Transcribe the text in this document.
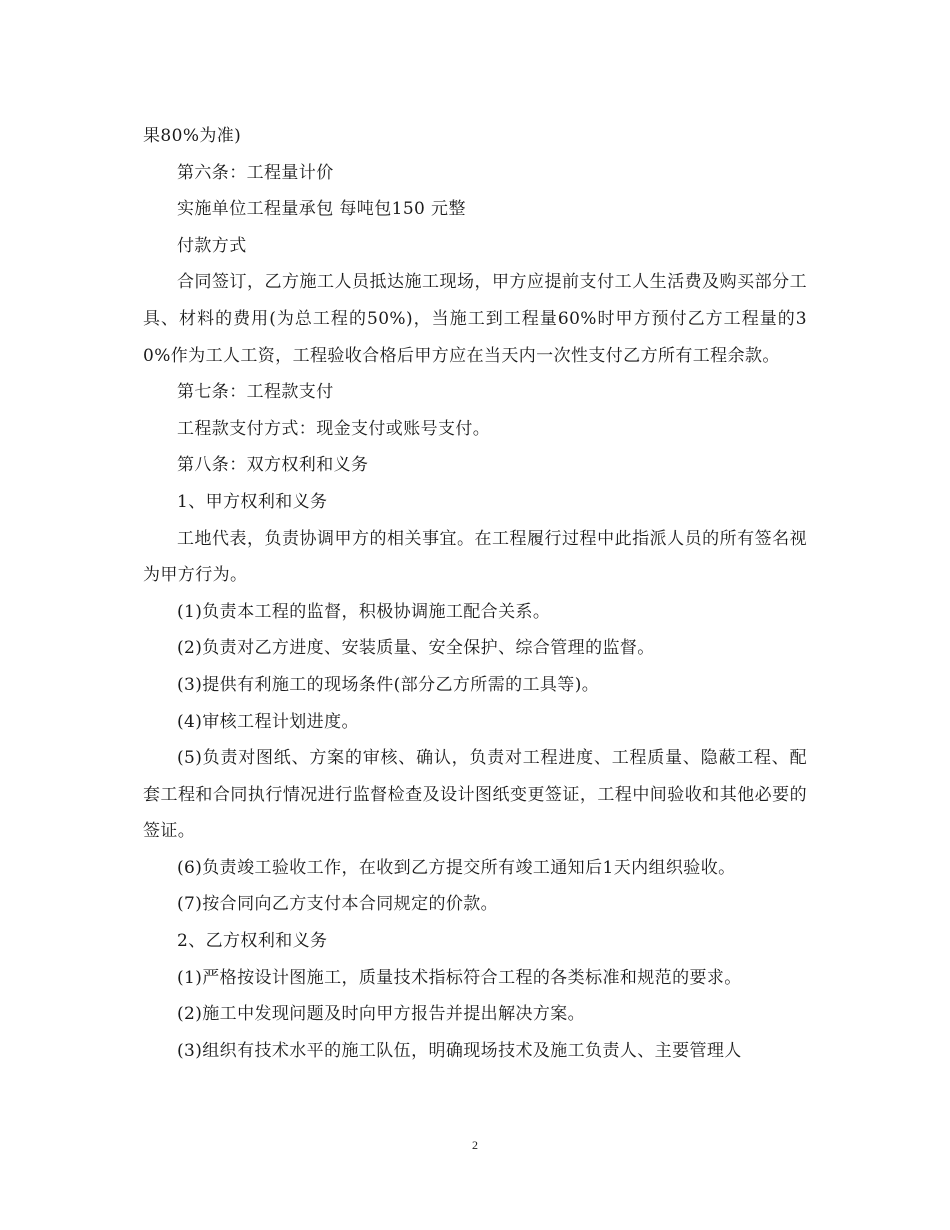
果80%为准)

第六条：工程量计价

实施单位工程量承包 每吨包150 元整

付款方式

合同签订，乙方施工人员抵达施工现场，甲方应提前支付工人生活费及购买部分工具、材料的费用(为总工程的50%)，当施工到工程量60%时甲方预付乙方工程量的30%作为工人工资，工程验收合格后甲方应在当天内一次性支付乙方所有工程余款。

第七条：工程款支付

工程款支付方式：现金支付或账号支付。

第八条：双方权利和义务

1、甲方权利和义务

工地代表，负责协调甲方的相关事宜。在工程履行过程中此指派人员的所有签名视为甲方行为。

(1)负责本工程的监督，积极协调施工配合关系。

(2)负责对乙方进度、安装质量、安全保护、综合管理的监督。

(3)提供有利施工的现场条件(部分乙方所需的工具等)。

(4)审核工程计划进度。

(5)负责对图纸、方案的审核、确认，负责对工程进度、工程质量、隐蔽工程、配套工程和合同执行情况进行监督检查及设计图纸变更签证，工程中间验收和其他必要的签证。

(6)负责竣工验收工作，在收到乙方提交所有竣工通知后1天内组织验收。

(7)按合同向乙方支付本合同规定的价款。

2、乙方权利和义务

(1)严格按设计图施工，质量技术指标符合工程的各类标准和规范的要求。

(2)施工中发现问题及时向甲方报告并提出解决方案。

(3)组织有技术水平的施工队伍，明确现场技术及施工负责人、主要管理人

2
